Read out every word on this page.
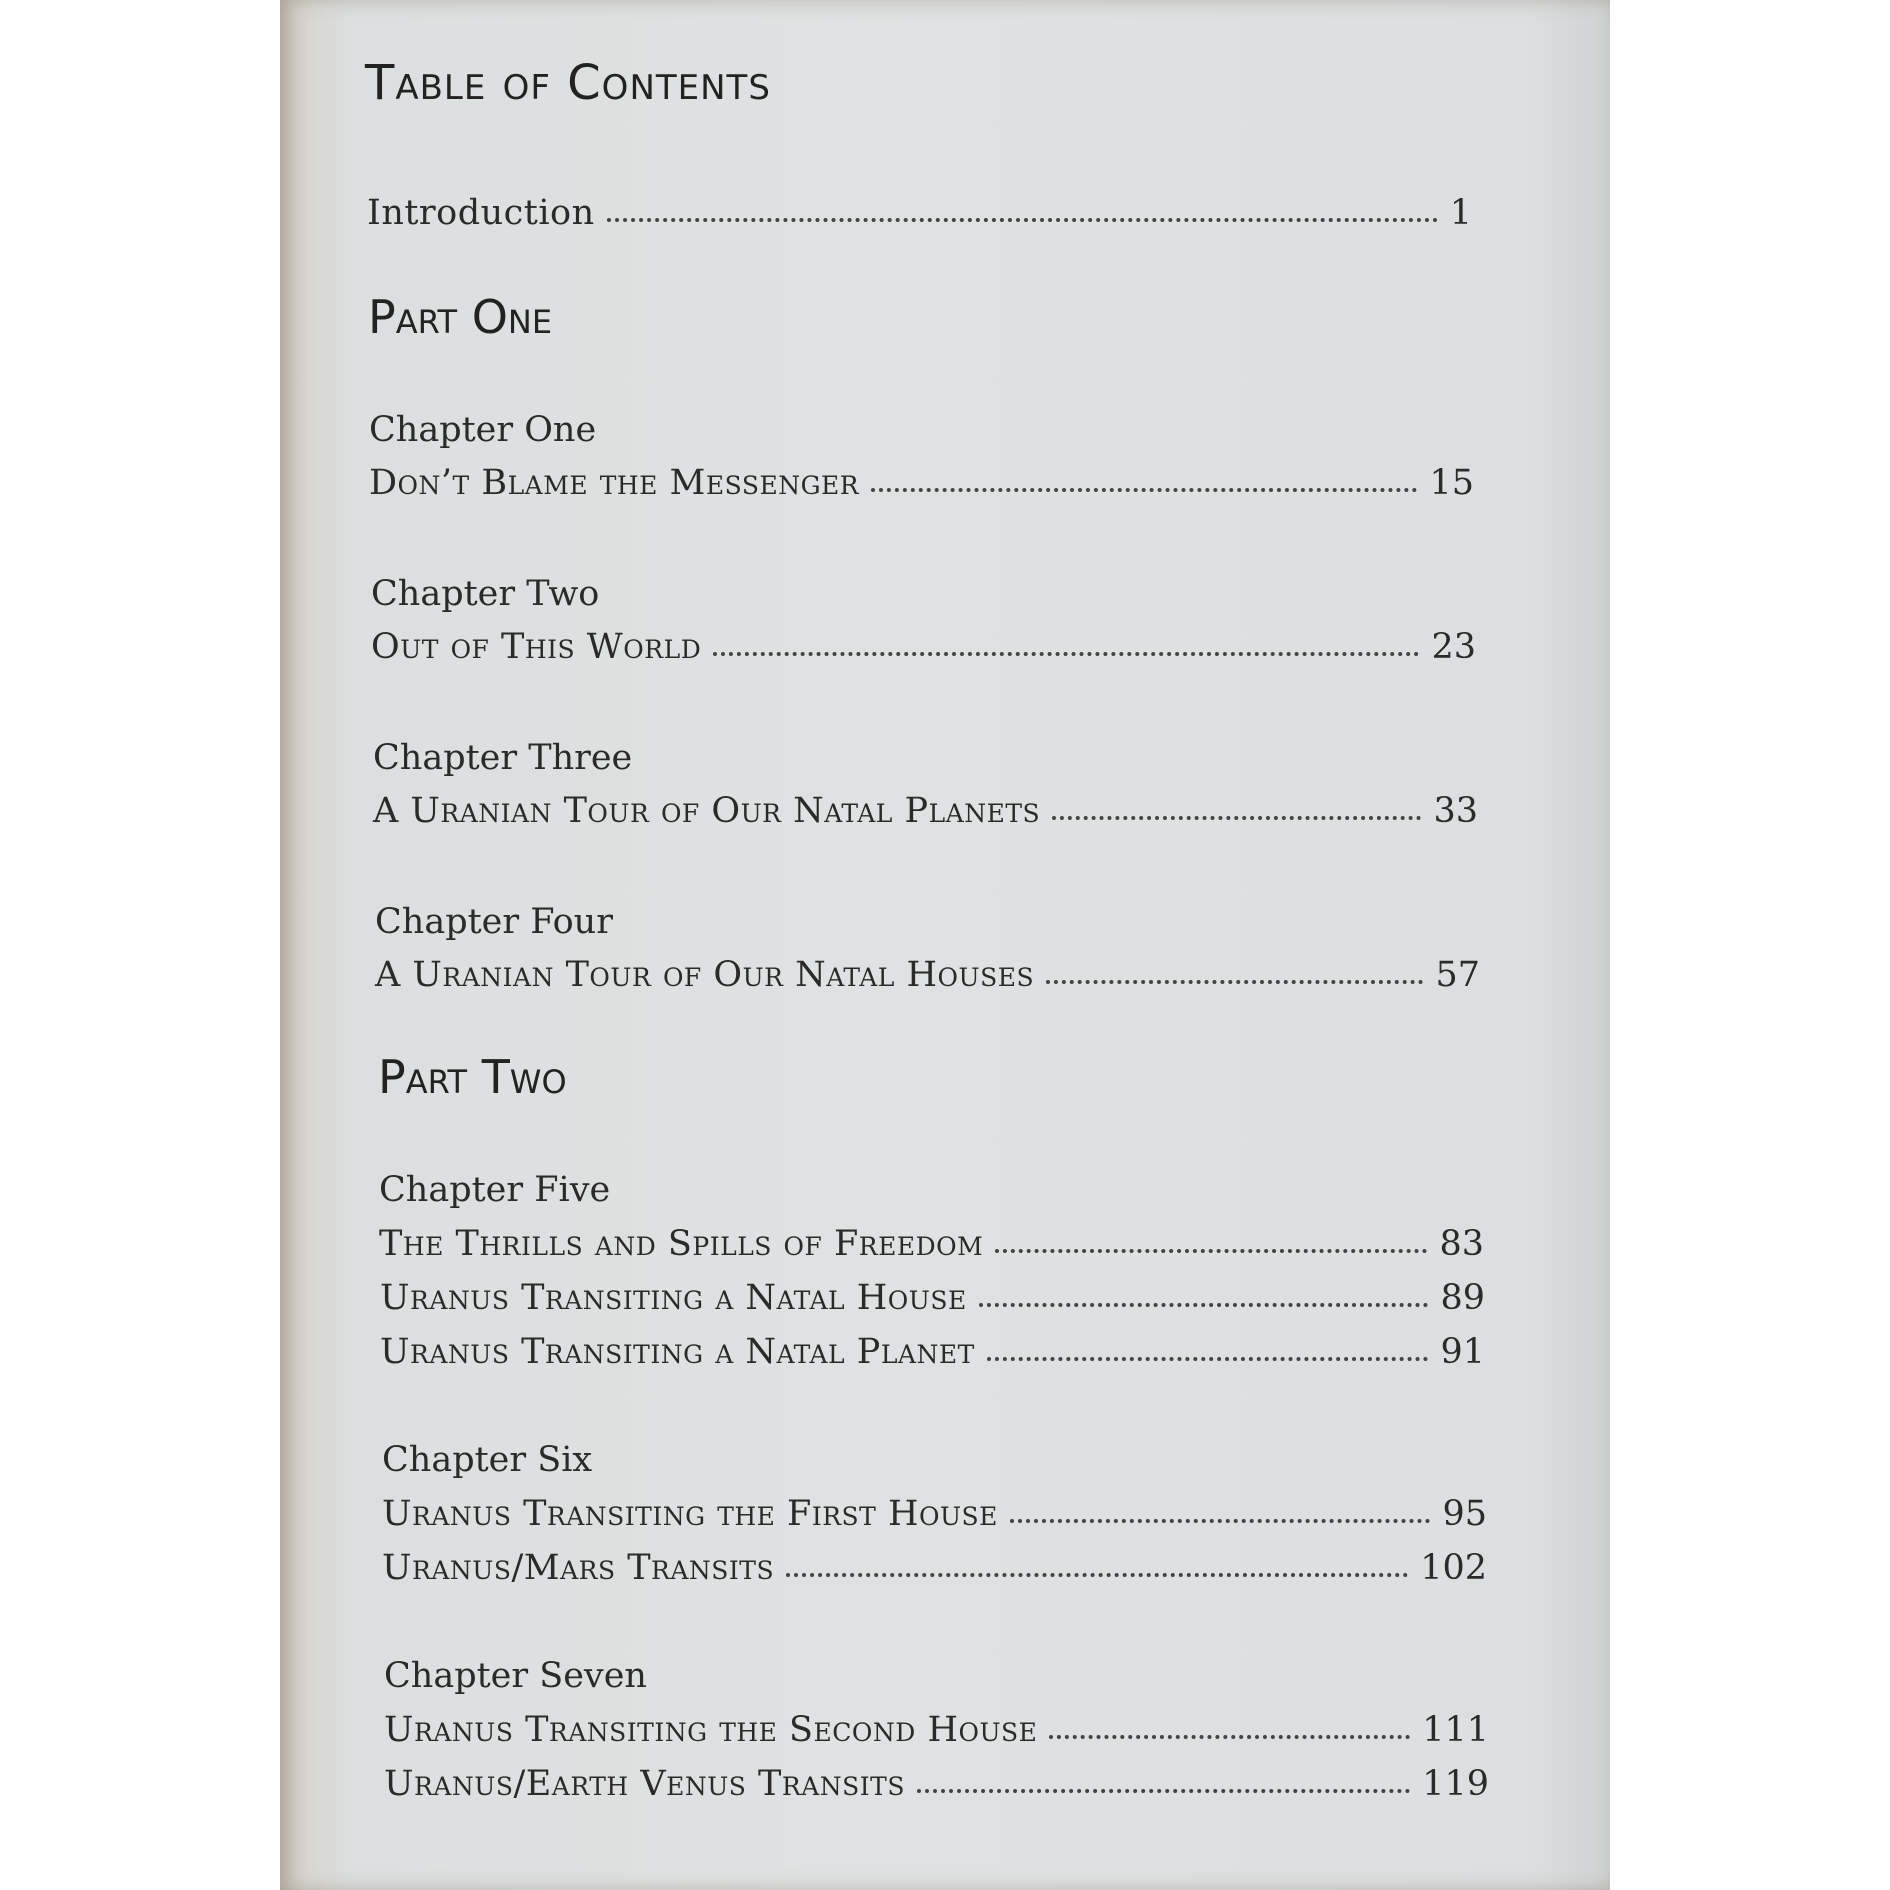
Table of Contents
Introduction	1
Part One
Chapter One
Don’t Blame the Messenger	15
Chapter Two
Out of This World	23
Chapter Three
A Uranian Tour of Our Natal Planets	33
Chapter Four
A Uranian Tour of Our Natal Houses	57
Part Two
Chapter Five
The Thrills and Spills of Freedom	83
Uranus Transiting a Natal House	89
Uranus Transiting a Natal Planet	91
Chapter Six
Uranus Transiting the First House	95
Uranus/Mars Transits	102
Chapter Seven
Uranus Transiting the Second House	111
Uranus/Earth Venus Transits	119
